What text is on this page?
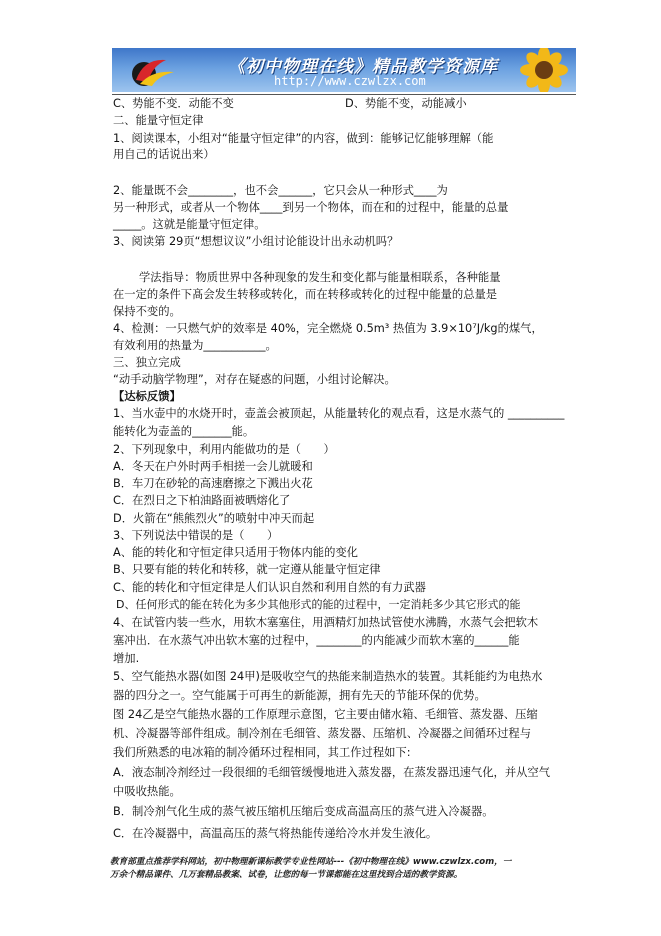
《初中物理在线》精品教学资源库
http://www.czwlzx.com
C、势能不变．动能不变	D、势能不变，动能减小
二、能量守恒定律
1、阅读课本，小组对“能量守恒定律”的内容，做到：能够记忆能够理解（能
用自己的话说出来）
2、能量既不会________，也不会______，它只会从一种形式____为
另一种形式，或者从一个物体____到另一个物体，而在和的过程中，能量的总量
_____。这就是能量守恒定律。
3、阅读第 29页“想想议议”小组讨论能设计出永动机吗？
学法指导：物质世界中各种现象的发生和变化都与能量相联系，各种能量
在一定的条件下髙会发生转移或转化，而在转移或转化的过程中能量的总量是
保持不变的。
4、检测：一只燃气炉的效率是 40%，完全燃烧 0.5m³ 热值为 3.9×10⁷J/kg的煤气，
有效利用的热量为___________。
三、独立完成
“动手动脑学物理”，对存在疑惑的问题，小组讨论解决。
【达标反馈】
1、当水壶中的水烧开时，壶盖会被顶起，从能量转化的观点看，这是水蒸气的 __________
能转化为壶盖的_______能。
2、下列现象中，利用内能做功的是（　　）
A．冬天在户外时两手相搓一会儿就暖和
B．车刀在砂轮的高速磨擦之下溅出火花
C．在烈日之下柏油路面被晒熔化了
D．火箭在“熊熊烈火”的喷射中冲天而起
3、下列说法中错误的是（　　）
A、能的转化和守恒定律只适用于物体内能的变化
B、只要有能的转化和转移，就一定遵从能量守恒定律
C、能的转化和守恒定律是人们认识自然和利用自然的有力武器
D、任何形式的能在转化为多少其他形式的能的过程中，一定消耗多少其它形式的能
4、在试管内装一些水，用软木塞塞住，用酒精灯加热试管使水沸腾，水蒸气会把软木
塞冲出．在水蒸气冲出软木塞的过程中，________的内能减少而软木塞的______能
增加.
5、空气能热水器(如图 24甲)是吸收空气的热能来制造热水的装置。其耗能约为电热水
器的四分之一。空气能属于可再生的新能源，拥有先天的节能环保的优势。
图 24乙是空气能热水器的工作原理示意图，它主要由储水箱、毛细管、蒸发器、压缩
机、冷凝器等部件组成。制冷剂在毛细管、蒸发器、压缩机、冷凝器之间循环过程与
我们所熟悉的电冰箱的制冷循环过程相同，其工作过程如下:
A．液态制冷剂经过一段很细的毛细管缓慢地进入蒸发器，在蒸发器迅速气化，并从空气
中吸收热能。
B．制冷剂气化生成的蒸气被压缩机压缩后变成高温高压的蒸气进入冷凝器。
C．在冷凝器中，高温高压的蒸气将热能传递给冷水并发生液化。
教育部重点推荐学科网站，初中物理新课标教学专业性网站---《初中物理在线》www.czwlzx.com，一
万余个精品课件、几万套精品教案、试卷，让您的每一节课都能在这里找到合适的教学资源。
